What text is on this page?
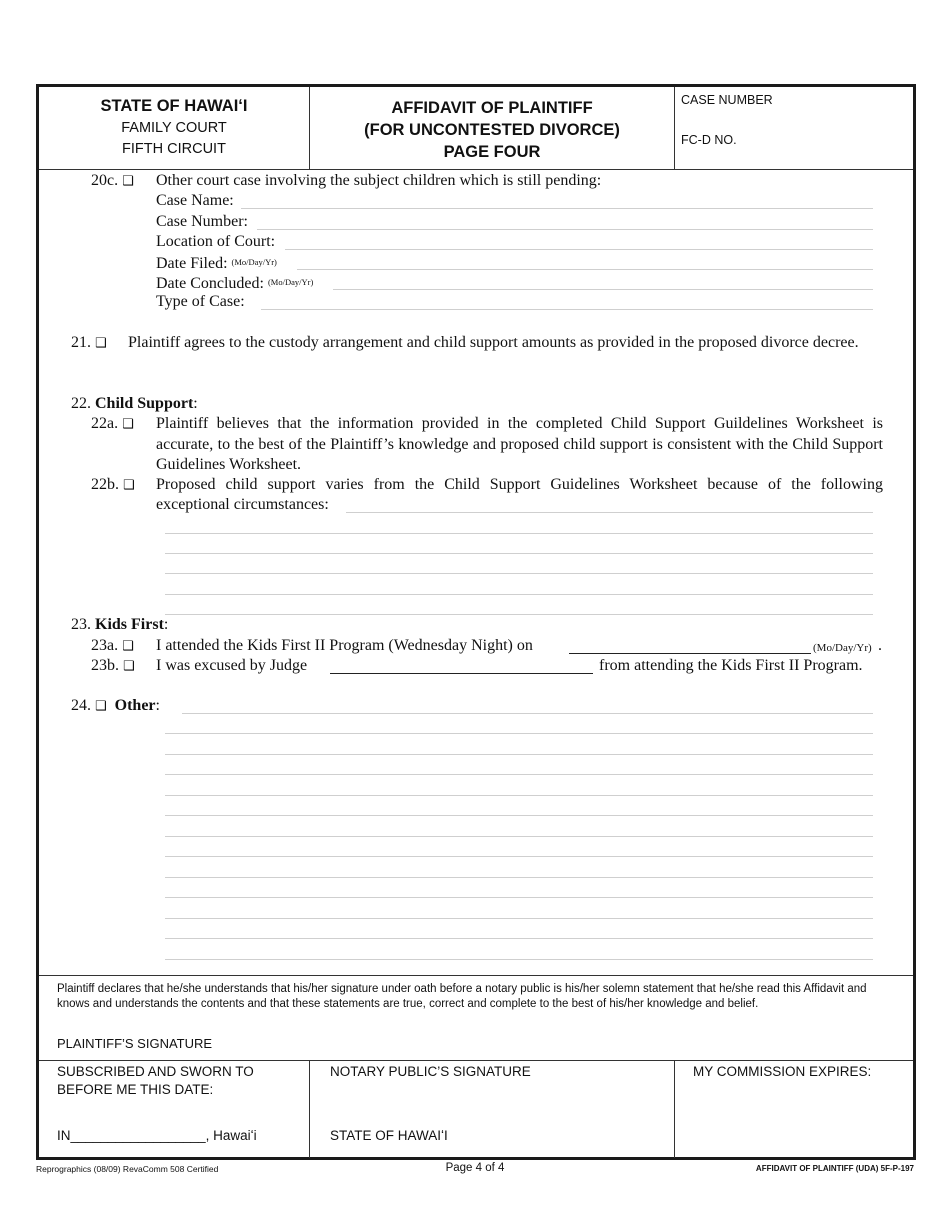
STATE OF HAWAIʻI
FAMILY COURT
FIFTH CIRCUIT
AFFIDAVIT OF PLAINTIFF
(FOR UNCONTESTED DIVORCE)
PAGE FOUR
CASE NUMBER
FC-D NO.
20c. ❑ Other court case involving the subject children which is still pending:
Case Name:
Case Number:
Location of Court:
Date Filed: (Mo/Day/Yr)
Date Concluded: (Mo/Day/Yr)
Type of Case:
21. ❑ Plaintiff agrees to the custody arrangement and child support amounts as provided in the proposed divorce decree.
22. Child Support:
22a. ❑ Plaintiff believes that the information provided in the completed Child Support Guildelines Worksheet is accurate, to the best of the Plaintiff’s knowledge and proposed child support is consistent with the Child Support Guidelines Worksheet.
22b. ❑ Proposed child support varies from the Child Support Guidelines Worksheet because of the following
exceptional circumstances:
23. Kids First:
23a. ❑ I attended the Kids First II Program (Wednesday Night) on	(Mo/Day/Yr) .
23b. ❑ I was excused by Judge	from attending the Kids First II Program.
24. ❑ Other:
Plaintiff declares that he/she understands that his/her signature under oath before a notary public is his/her solemn statement that he/she read this Affidavit and knows and understands the contents and that these statements are true, correct and complete to the best of his/her knowledge and belief.
PLAINTIFF’S SIGNATURE
SUBSCRIBED AND SWORN TO
BEFORE ME THIS DATE:
IN__________________, Hawaiʻi
NOTARY PUBLIC’S SIGNATURE
STATE OF HAWAIʻI
MY COMMISSION EXPIRES:
Reprographics (08/09) RevaComm 508 Certified	Page 4 of 4	AFFIDAVIT OF PLAINTIFF (UDA) 5F-P-197
